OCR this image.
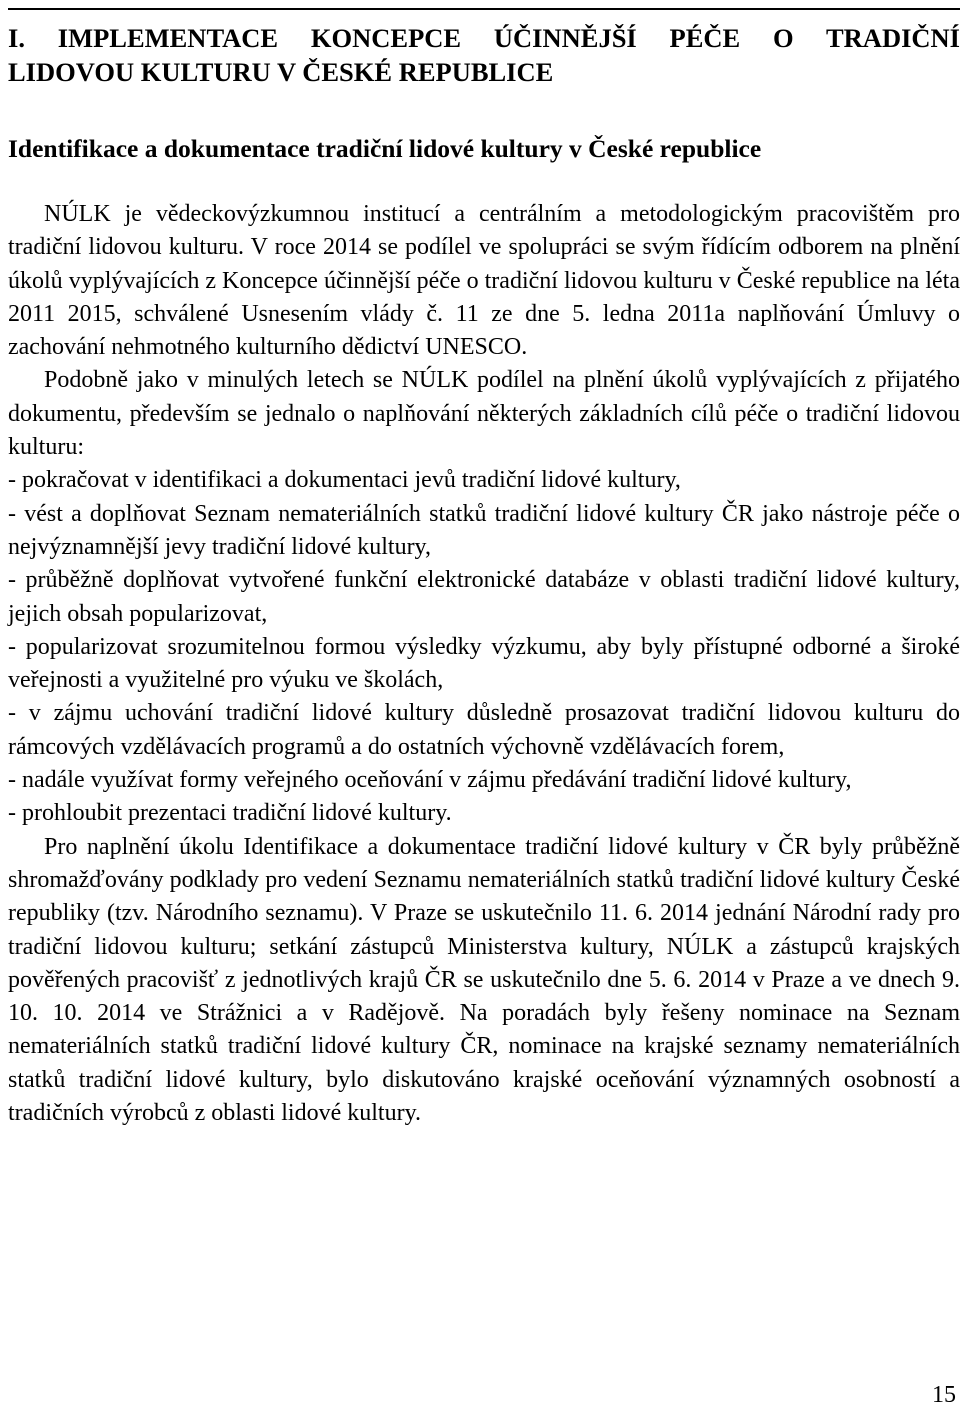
I. IMPLEMENTACE KONCEPCE ÚČINNĚJŠÍ PÉČE O TRADIČNÍ
LIDOVOU KULTURU V ČESKÉ REPUBLICE
Identifikace a dokumentace tradiční lidové kultury v České republice

NÚLK je vědeckovýzkumnou institucí a centrálním a metodologickým pracovištěm pro tradiční lidovou kulturu. V roce 2014 se podílel ve spolupráci se svým řídícím odborem na plnění úkolů vyplývajících z Koncepce účinnější péče o tradiční lidovou kulturu v České republice na léta 2011 2015, schválené Usnesením vlády č. 11 ze dne 5. ledna 2011a naplňování Úmluvy o zachování nehmotného kulturního dědictví UNESCO.

Podobně jako v minulých letech se NÚLK podílel na plnění úkolů vyplývajících z přijatého dokumentu, především se jednalo o naplňování některých základních cílů péče o tradiční lidovou kulturu:

- pokračovat v identifikaci a dokumentaci jevů tradiční lidové kultury,

- vést a doplňovat Seznam nemateriálních statků tradiční lidové kultury ČR jako nástroje péče o nejvýznamnější jevy tradiční lidové kultury,

- průběžně doplňovat vytvořené funkční elektronické databáze v oblasti tradiční lidové kultury, jejich obsah popularizovat,

- popularizovat srozumitelnou formou výsledky výzkumu, aby byly přístupné odborné a široké veřejnosti a využitelné pro výuku ve školách,

- v zájmu uchování tradiční lidové kultury důsledně prosazovat tradiční lidovou kulturu do rámcových vzdělávacích programů a do ostatních výchovně vzdělávacích forem,

- nadále využívat formy veřejného oceňování v zájmu předávání tradiční lidové kultury,

- prohloubit prezentaci tradiční lidové kultury.

Pro naplnění úkolu Identifikace a dokumentace tradiční lidové kultury v ČR byly průběžně shromažďovány podklady pro vedení Seznamu nemateriálních statků tradiční lidové kultury České republiky (tzv. Národního seznamu). V Praze se uskutečnilo 11. 6. 2014 jednání Národní rady pro tradiční lidovou kulturu; setkání zástupců Ministerstva kultury, NÚLK a zástupců krajských pověřených pracovišť z jednotlivých krajů ČR se uskutečnilo dne 5. 6. 2014 v Praze a ve dnech 9. 10. 10. 2014 ve Strážnici a v Radějově. Na poradách byly řešeny nominace na Seznam nemateriálních statků tradiční lidové kultury ČR, nominace na krajské seznamy nemateriálních statků tradiční lidové kultury, bylo diskutováno krajské oceňování významných osobností a tradičních výrobců z oblasti lidové kultury.

15
